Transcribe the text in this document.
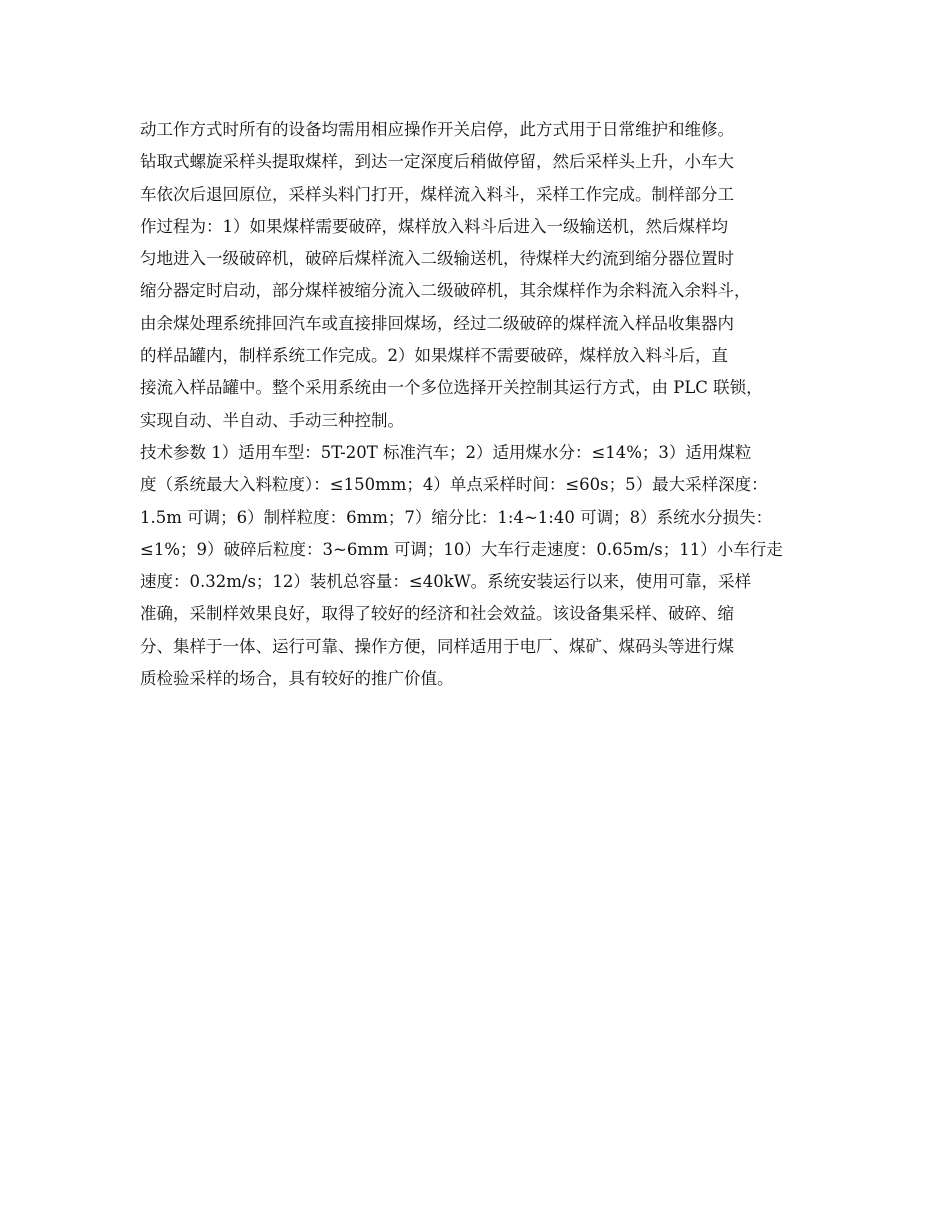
动工作方式时所有的设备均需用相应操作开关启停，此方式用于日常维护和维修。
钻取式螺旋采样头提取煤样，到达一定深度后稍做停留，然后采样头上升，小车大
车依次后退回原位，采样头料门打开，煤样流入料斗，采样工作完成。制样部分工
作过程为：1）如果煤样需要破碎，煤样放入料斗后进入一级输送机，然后煤样均
匀地进入一级破碎机，破碎后煤样流入二级输送机，待煤样大约流到缩分器位置时
缩分器定时启动，部分煤样被缩分流入二级破碎机，其余煤样作为余料流入余料斗，
由余煤处理系统排回汽车或直接排回煤场，经过二级破碎的煤样流入样品收集器内
的样品罐内，制样系统工作完成。2）如果煤样不需要破碎，煤样放入料斗后，直
接流入样品罐中。整个采用系统由一个多位选择开关控制其运行方式，由 PLC 联锁，
实现自动、半自动、手动三种控制。
技术参数 1）适用车型：5T-20T 标准汽车；2）适用煤水分：≤14%；3）适用煤粒
度（系统最大入料粒度）：≤150mm；4）单点采样时间：≤60s；5）最大采样深度：
1.5m 可调；6）制样粒度：6mm；7）缩分比：1:4~1:40 可调；8）系统水分损失：
≤1%；9）破碎后粒度：3~6mm 可调；10）大车行走速度：0.65m/s；11）小车行走
速度：0.32m/s；12）装机总容量：≤40kW。系统安装运行以来，使用可靠，采样
准确，采制样效果良好，取得了较好的经济和社会效益。该设备集采样、破碎、缩
分、集样于一体、运行可靠、操作方便，同样适用于电厂、煤矿、煤码头等进行煤
质检验采样的场合，具有较好的推广价值。
